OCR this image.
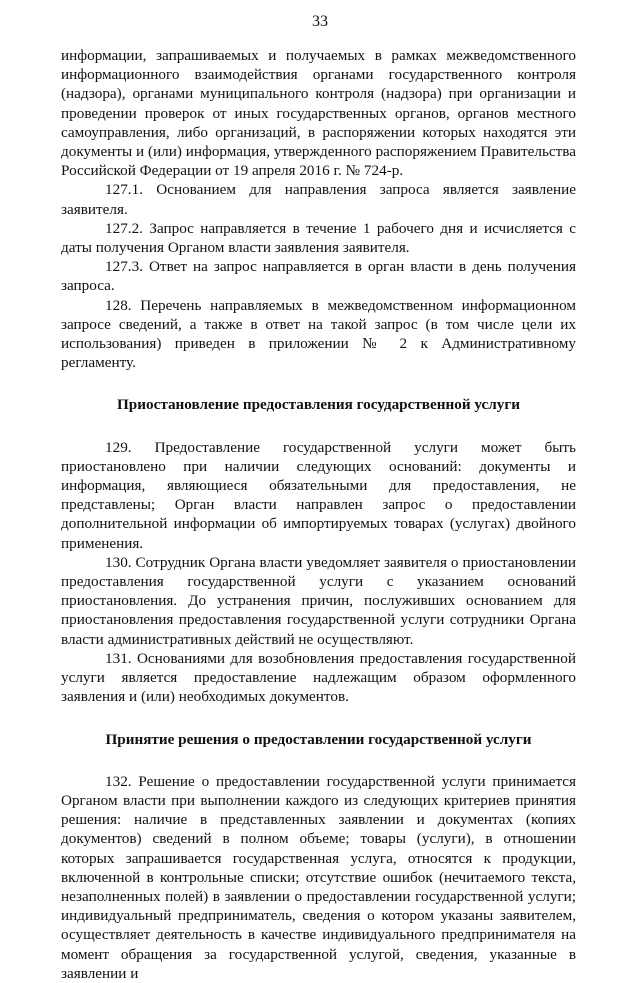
33

информации, запрашиваемых и получаемых в рамках межведомственного информационного взаимодействия органами государственного контроля (надзора), органами муниципального контроля (надзора) при организации и проведении проверок от иных государственных органов, органов местного самоуправления, либо организаций, в распоряжении которых находятся эти документы и (или) информация, утвержденного распоряжением Правительства Российской Федерации от 19 апреля 2016 г. № 724-р.

127.1. Основанием для направления запроса является заявление заявителя.

127.2. Запрос направляется в течение 1 рабочего дня и исчисляется с даты получения Органом власти заявления заявителя.

127.3. Ответ на запрос направляется в орган власти в день получения запроса.

128. Перечень направляемых в межведомственном информационном запросе сведений, а также в ответ на такой запрос (в том числе цели их использования) приведен в приложении № 2 к Административному регламенту.

Приостановление предоставления государственной услуги

129. Предоставление государственной услуги может быть приостановлено при наличии следующих оснований: документы и информация, являющиеся обязательными для предоставления, не представлены; Орган власти направлен запрос о предоставлении дополнительной информации об импортируемых товарах (услугах) двойного применения.

130. Сотрудник Органа власти уведомляет заявителя о приостановлении предоставления государственной услуги с указанием оснований приостановления. До устранения причин, послуживших основанием для приостановления предоставления государственной услуги сотрудники Органа власти административных действий не осуществляют.

131. Основаниями для возобновления предоставления государственной услуги является предоставление надлежащим образом оформленного заявления и (или) необходимых документов.

Принятие решения о предоставлении государственной услуги

132. Решение о предоставлении государственной услуги принимается Органом власти при выполнении каждого из следующих критериев принятия решения: наличие в представленных заявлении и документах (копиях документов) сведений в полном объеме; товары (услуги), в отношении которых запрашивается государственная услуга, относятся к продукции, включенной в контрольные списки; отсутствие ошибок (нечитаемого текста, незаполненных полей) в заявлении о предоставлении государственной услуги; индивидуальный предприниматель, сведения о котором указаны заявителем, осуществляет деятельность в качестве индивидуального предпринимателя на момент обращения за государственной услугой, сведения, указанные в заявлении и
